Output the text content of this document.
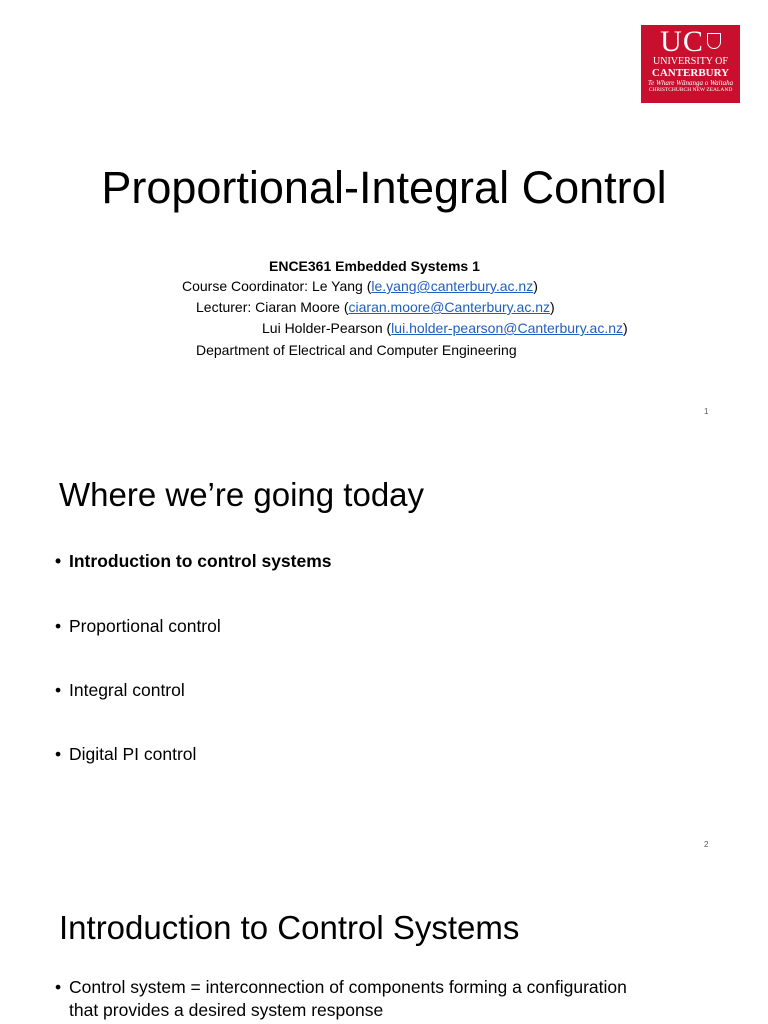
UC
UNIVERSITY OF
CANTERBURY
Te Whare Wānanga o Waitaha
CHRISTCHURCH NEW ZEALAND
Proportional-Integral Control
ENCE361 Embedded Systems 1
Course Coordinator: Le Yang (le.yang@canterbury.ac.nz)
Lecturer: Ciaran Moore (ciaran.moore@Canterbury.ac.nz)
Lui Holder-Pearson (lui.holder-pearson@Canterbury.ac.nz)
Department of Electrical and Computer Engineering
1
Where we’re going today
• Introduction to control systems
• Proportional control
• Integral control
• Digital PI control
2
Introduction to Control Systems
• Control system = interconnection of components forming a configuration
that provides a desired system response
